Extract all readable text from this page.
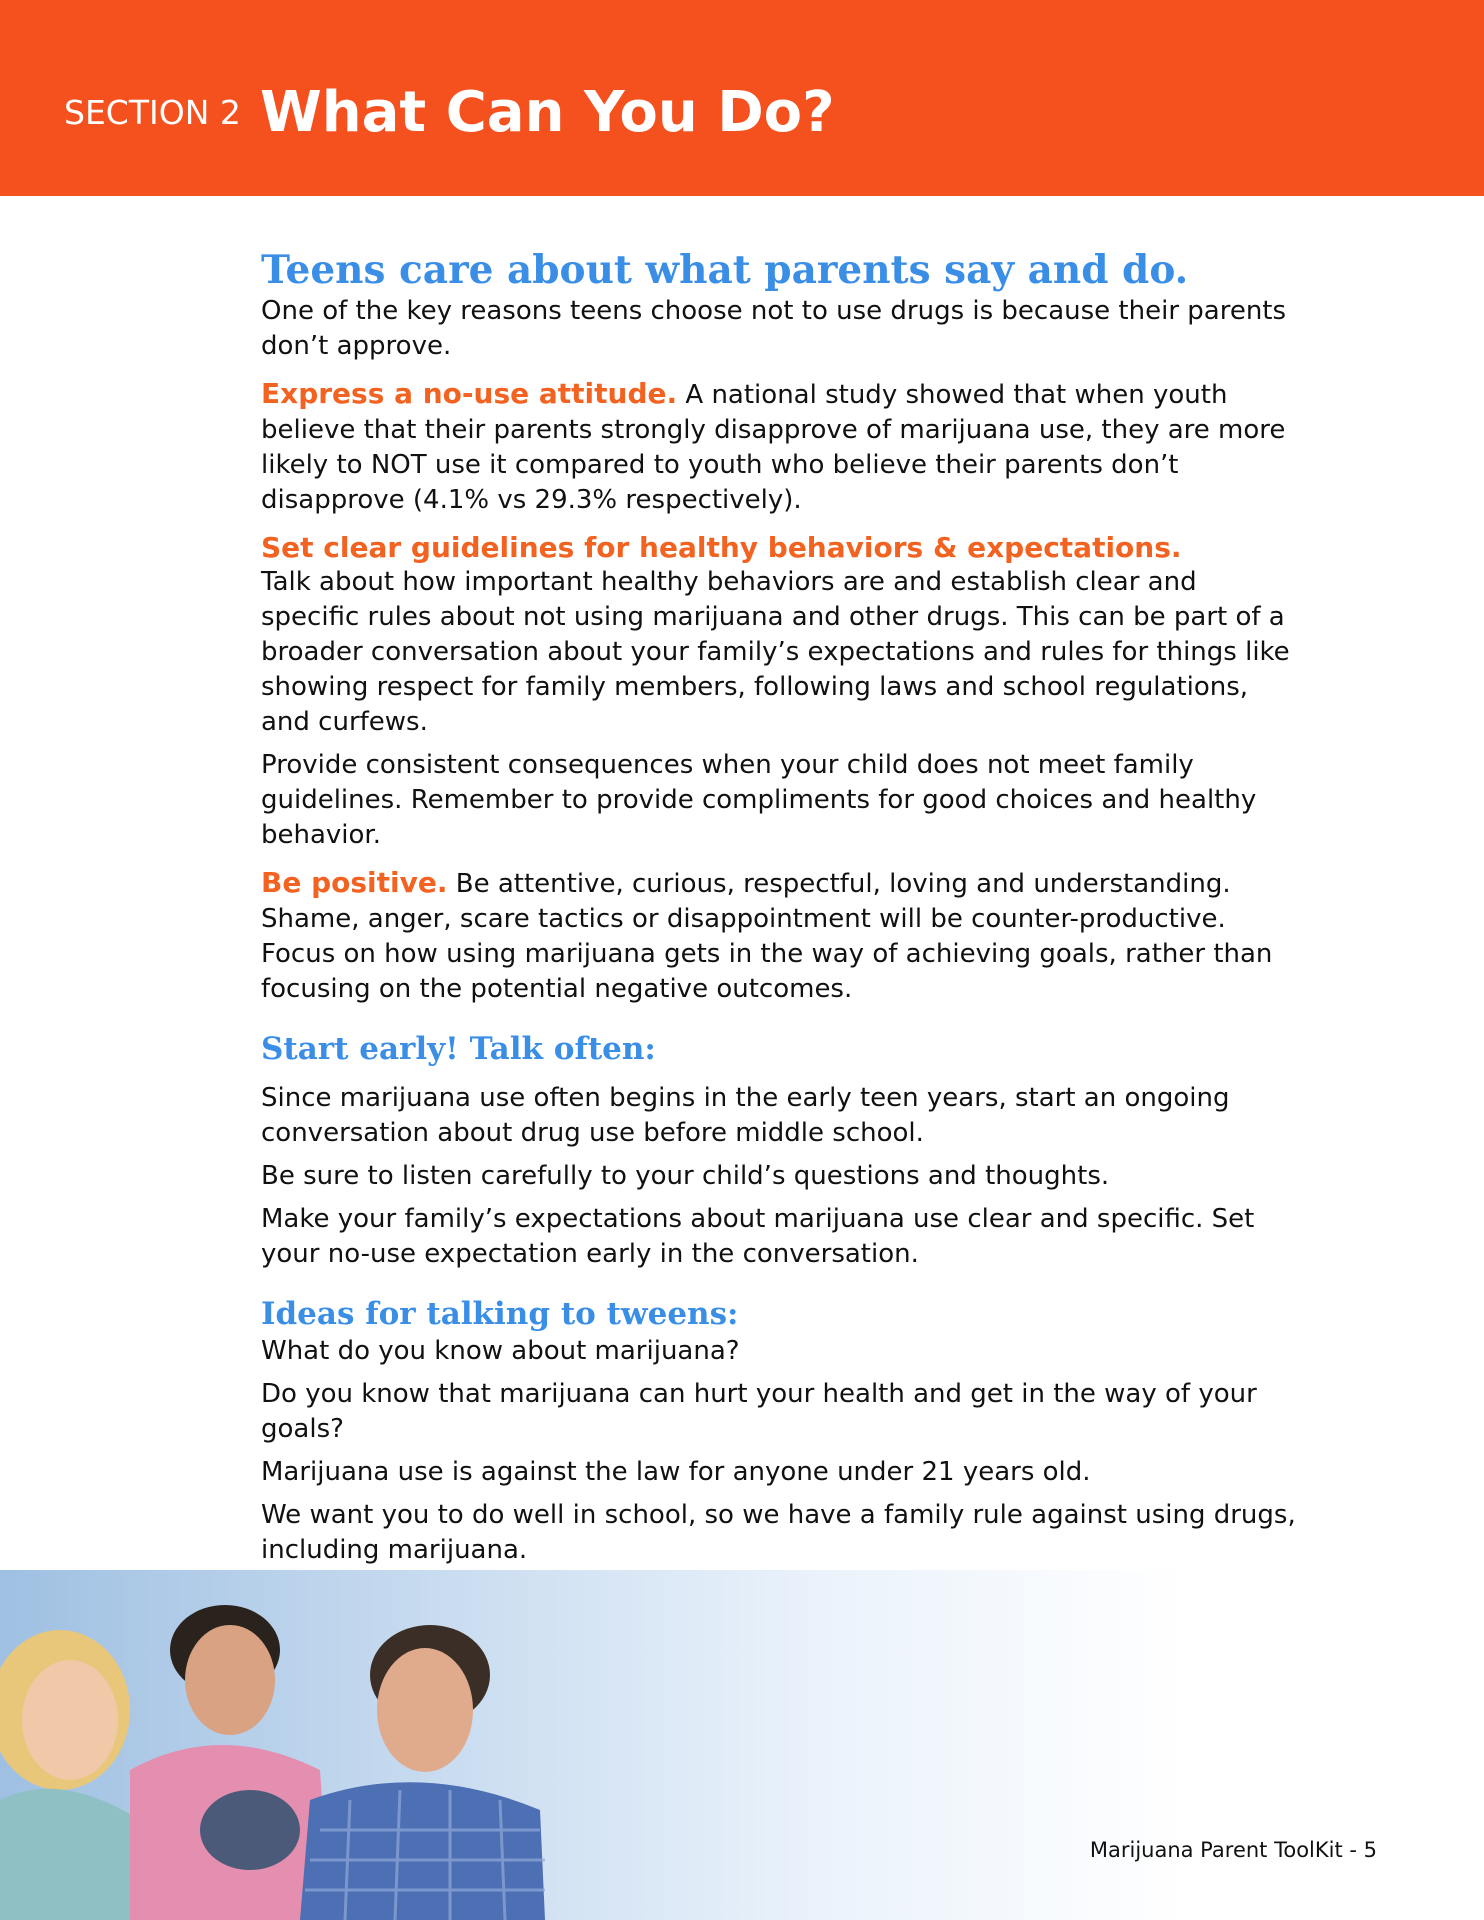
SECTION 2 What Can You Do?
Teens care about what parents say and do.

One of the key reasons teens choose not to use drugs is because their parents don’t approve.

Express a no-use attitude. A national study showed that when youth believe that their parents strongly disapprove of marijuana use, they are more likely to NOT use it compared to youth who believe their parents don’t disapprove (4.1% vs 29.3% respectively).

Set clear guidelines for healthy behaviors & expectations.

Talk about how important healthy behaviors are and establish clear and specific rules about not using marijuana and other drugs. This can be part of a broader conversation about your family’s expectations and rules for things like showing respect for family members, following laws and school regulations, and curfews.

Provide consistent consequences when your child does not meet family guidelines. Remember to provide compliments for good choices and healthy behavior.

Be positive. Be attentive, curious, respectful, loving and understanding. Shame, anger, scare tactics or disappointment will be counter-productive. Focus on how using marijuana gets in the way of achieving goals, rather than focusing on the potential negative outcomes.

Start early! Talk often:

Since marijuana use often begins in the early teen years, start an ongoing conversation about drug use before middle school.

Be sure to listen carefully to your child’s questions and thoughts.

Make your family’s expectations about marijuana use clear and specific. Set your no-use expectation early in the conversation.

Ideas for talking to tweens:

What do you know about marijuana?

Do you know that marijuana can hurt your health and get in the way of your goals?

Marijuana use is against the law for anyone under 21 years old.

We want you to do well in school, so we have a family rule against using drugs, including marijuana.

Marijuana Parent ToolKit - 5
